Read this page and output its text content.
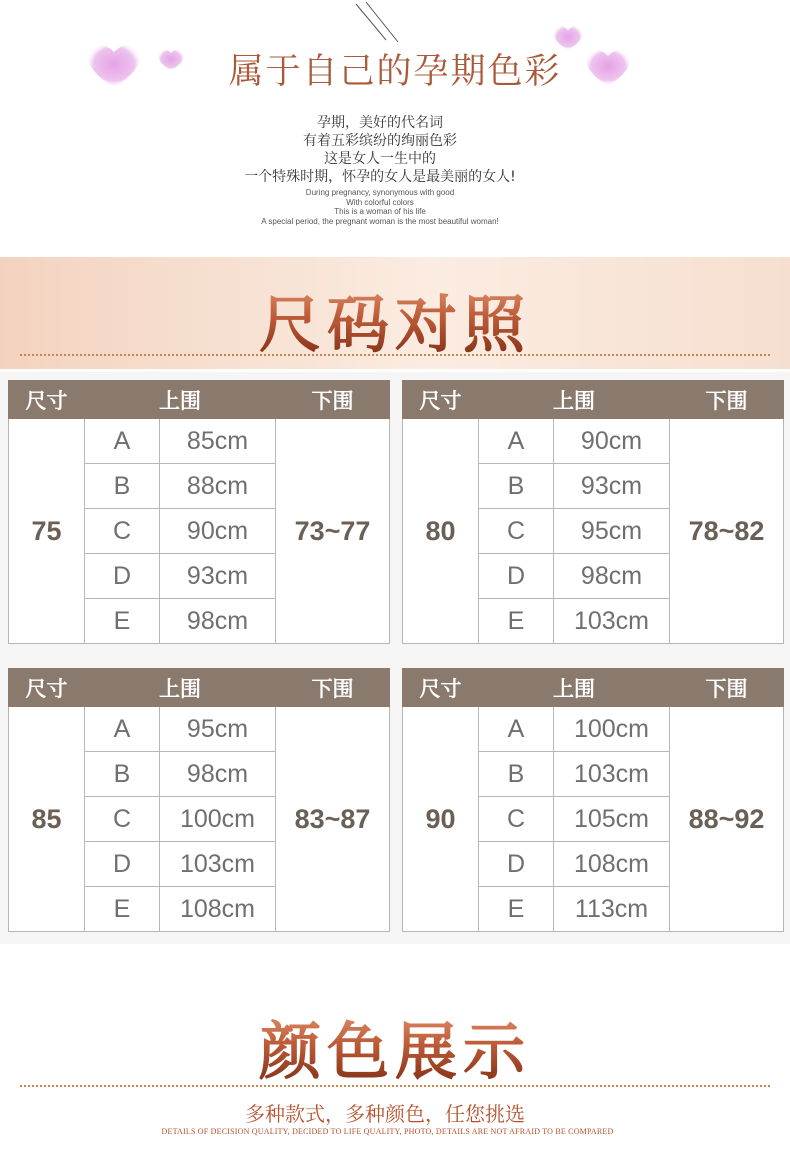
属于自己的孕期色彩
孕期，美好的代名词
有着五彩缤纷的绚丽色彩
这是女人一生中的
一个特殊时期，怀孕的女人是最美丽的女人!
During pregnancy, synonymous with good
With colorful colors
This is a woman of his life
A special period, the pregnant woman is the most beautiful woman!
尺码对照
尺寸	上围		下围
75	A	85cm	73~77
	B	88cm	
	C	90cm	
	D	93cm	
	E	98cm	
尺寸	上围		下围
80	A	90cm	78~82
	B	93cm	
	C	95cm	
	D	98cm	
	E	103cm	
尺寸	上围		下围
85	A	95cm	83~87
	B	98cm	
	C	100cm	
	D	103cm	
	E	108cm	
尺寸	上围		下围
90	A	100cm	88~92
	B	103cm	
	C	105cm	
	D	108cm	
	E	113cm	
颜色展示
多种款式，多种颜色，任您挑选
DETAILS OF DECISION QUALITY, DECIDED TO LIFE QUALITY, PHOTO, DETAILS ARE NOT AFRAID TO BE COMPARED
